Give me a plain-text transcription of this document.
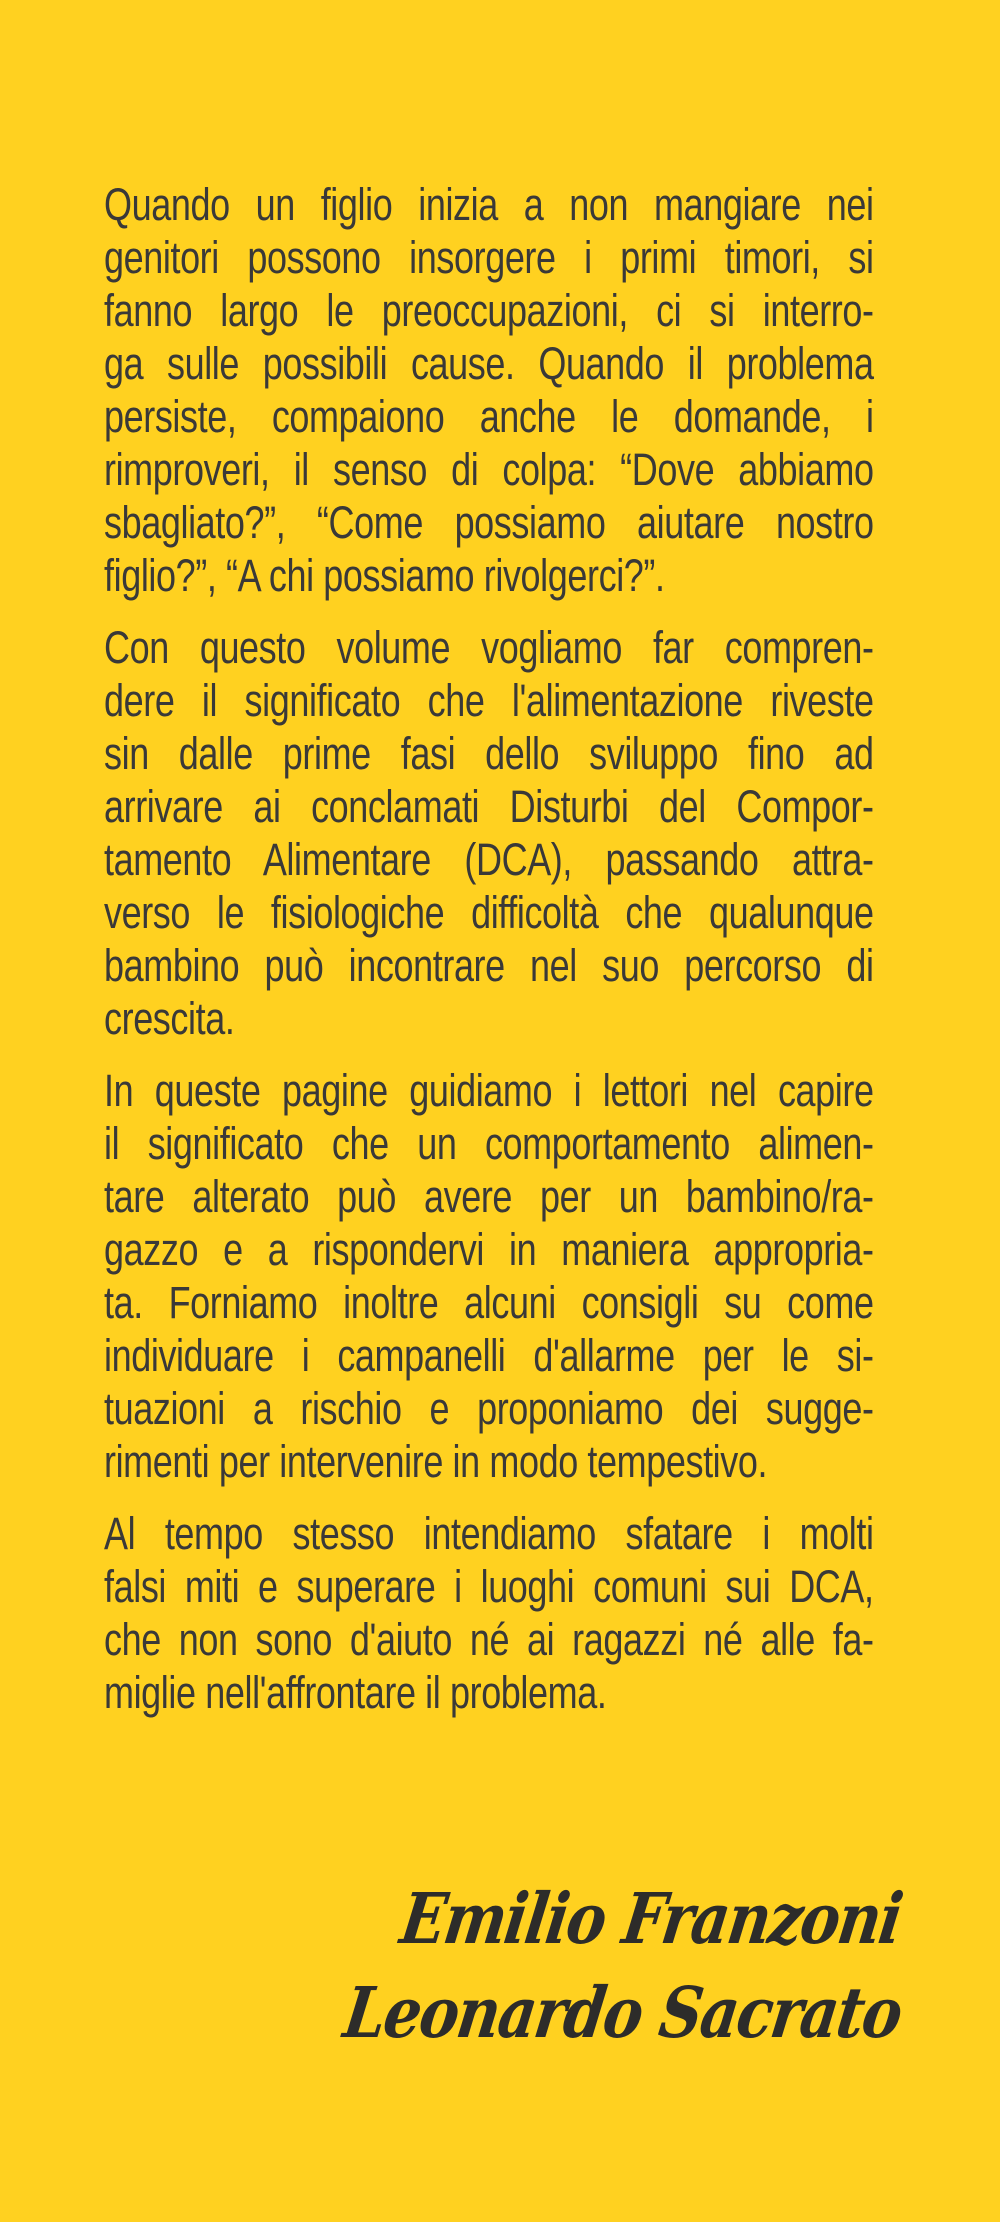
Quando un figlio inizia a non mangiare nei
genitori possono insorgere i primi timori, si
fanno largo le preoccupazioni, ci si interro-
ga sulle possibili cause. Quando il problema
persiste, compaiono anche le domande, i
rimproveri, il senso di colpa: “Dove abbiamo
sbagliato?”, “Come possiamo aiutare nostro
figlio?”, “A chi possiamo rivolgerci?”.
Con questo volume vogliamo far compren-
dere il significato che l'alimentazione riveste
sin dalle prime fasi dello sviluppo fino ad
arrivare ai conclamati Disturbi del Compor-
tamento Alimentare (DCA), passando attra-
verso le fisiologiche difficoltà che qualunque
bambino può incontrare nel suo percorso di
crescita.
In queste pagine guidiamo i lettori nel capire
il significato che un comportamento alimen-
tare alterato può avere per un bambino/ra-
gazzo e a rispondervi in maniera appropria-
ta. Forniamo inoltre alcuni consigli su come
individuare i campanelli d'allarme per le si-
tuazioni a rischio e proponiamo dei sugge-
rimenti per intervenire in modo tempestivo.
Al tempo stesso intendiamo sfatare i molti
falsi miti e superare i luoghi comuni sui DCA,
che non sono d'aiuto né ai ragazzi né alle fa-
miglie nell'affrontare il problema.
Emilio Franzoni
Leonardo Sacrato
